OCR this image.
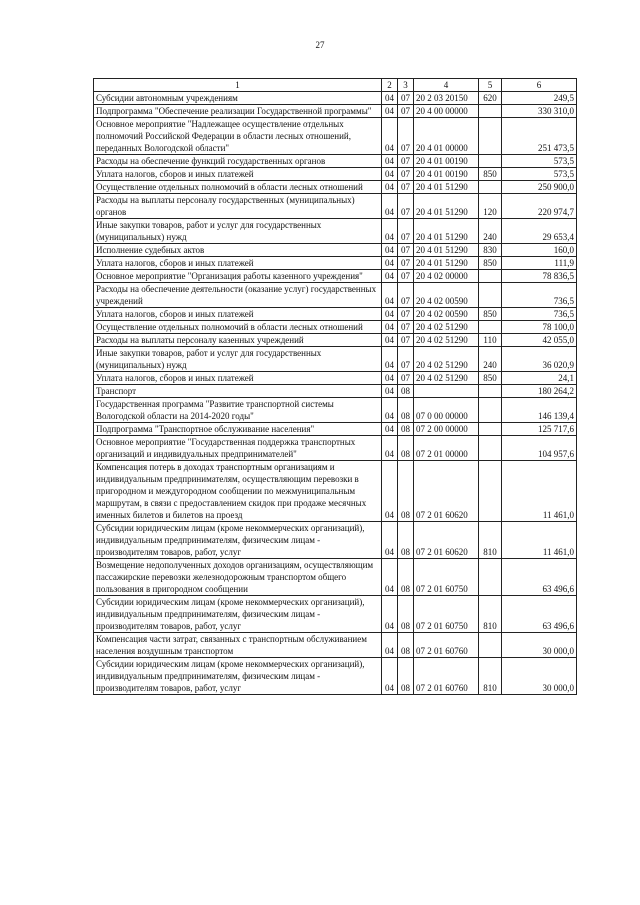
27
1	2	3	4	5	6
Субсидии автономным учреждениям	04	07	20 2 03 20150	620	249,5
Подпрограмма "Обеспечение реализации Государственной программы"	04	07	20 4 00 00000		330 310,0
Основное мероприятие "Надлежащее осуществление отдельных полномочий Российской Федерации в области лесных отношений, переданных Вологодской области"	04	07	20 4 01 00000		251 473,5
Расходы на обеспечение функций государственных органов	04	07	20 4 01 00190		573,5
Уплата налогов, сборов и иных платежей	04	07	20 4 01 00190	850	573,5
Осуществление отдельных полномочий в области лесных отношений	04	07	20 4 01 51290		250 900,0
Расходы на выплаты персоналу государственных (муниципальных) органов	04	07	20 4 01 51290	120	220 974,7
Иные закупки товаров, работ и услуг для государственных (муниципальных) нужд	04	07	20 4 01 51290	240	29 653,4
Исполнение судебных актов	04	07	20 4 01 51290	830	160,0
Уплата налогов, сборов и иных платежей	04	07	20 4 01 51290	850	111,9
Основное мероприятие "Организация работы казенного учреждения"	04	07	20 4 02 00000		78 836,5
Расходы на обеспечение деятельности (оказание услуг) государственных учреждений	04	07	20 4 02 00590		736,5
Уплата налогов, сборов и иных платежей	04	07	20 4 02 00590	850	736,5
Осуществление отдельных полномочий в области лесных отношений	04	07	20 4 02 51290		78 100,0
Расходы на выплаты персоналу казенных учреждений	04	07	20 4 02 51290	110	42 055,0
Иные закупки товаров, работ и услуг для государственных (муниципальных) нужд	04	07	20 4 02 51290	240	36 020,9
Уплата налогов, сборов и иных платежей	04	07	20 4 02 51290	850	24,1
Транспорт	04	08			180 264,2
Государственная программа "Развитие транспортной системы Вологодской области на 2014-2020 годы"	04	08	07 0 00 00000		146 139,4
Подпрограмма "Транспортное обслуживание населения"	04	08	07 2 00 00000		125 717,6
Основное мероприятие "Государственная поддержка транспортных организаций и индивидуальных предпринимателей"	04	08	07 2 01 00000		104 957,6
Компенсация потерь в доходах транспортным организациям и индивидуальным предпринимателям, осуществляющим перевозки в пригородном и междугородном сообщении по межмуниципальным маршрутам, в связи с предоставлением скидок при продаже месячных именных билетов и билетов на проезд	04	08	07 2 01 60620		11 461,0
Субсидии юридическим лицам (кроме некоммерческих организаций), индивидуальным предпринимателям, физическим лицам - производителям товаров, работ, услуг	04	08	07 2 01 60620	810	11 461,0
Возмещение недополученных доходов организациям, осуществляющим пассажирские перевозки железнодорожным транспортом общего пользования в пригородном сообщении	04	08	07 2 01 60750		63 496,6
Субсидии юридическим лицам (кроме некоммерческих организаций), индивидуальным предпринимателям, физическим лицам - производителям товаров, работ, услуг	04	08	07 2 01 60750	810	63 496,6
Компенсация части затрат, связанных с транспортным обслуживанием населения воздушным транспортом	04	08	07 2 01 60760		30 000,0
Субсидии юридическим лицам (кроме некоммерческих организаций), индивидуальным предпринимателям, физическим лицам - производителям товаров, работ, услуг	04	08	07 2 01 60760	810	30 000,0
